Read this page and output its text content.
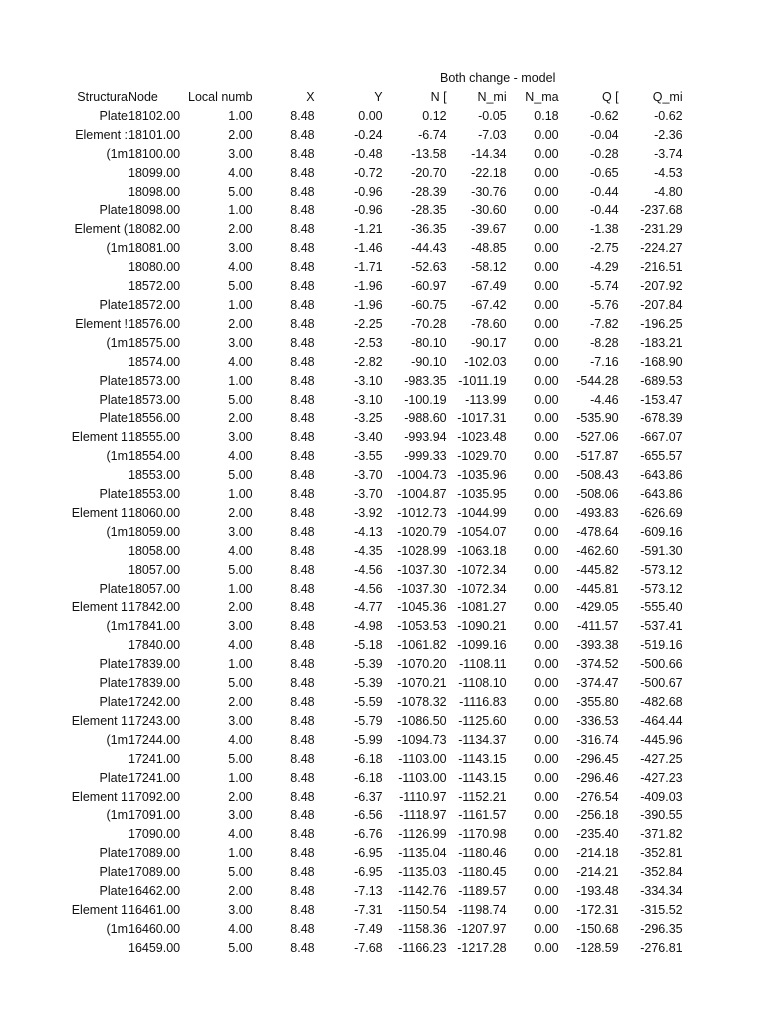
Both change - model
Structura	Node	Local numb	X	Y	N [	N_mi	N_ma	Q [	Q_mi
Plate	18102.00	1.00	8.48	0.00	0.12	-0.05	0.18	-0.62	-0.62
Element :	18101.00	2.00	8.48	-0.24	-6.74	-7.03	0.00	-0.04	-2.36
(1m	18100.00	3.00	8.48	-0.48	-13.58	-14.34	0.00	-0.28	-3.74
	18099.00	4.00	8.48	-0.72	-20.70	-22.18	0.00	-0.65	-4.53
	18098.00	5.00	8.48	-0.96	-28.39	-30.76	0.00	-0.44	-4.80
Plate	18098.00	1.00	8.48	-0.96	-28.35	-30.60	0.00	-0.44	-237.68
Element (	18082.00	2.00	8.48	-1.21	-36.35	-39.67	0.00	-1.38	-231.29
(1m	18081.00	3.00	8.48	-1.46	-44.43	-48.85	0.00	-2.75	-224.27
	18080.00	4.00	8.48	-1.71	-52.63	-58.12	0.00	-4.29	-216.51
	18572.00	5.00	8.48	-1.96	-60.97	-67.49	0.00	-5.74	-207.92
Plate	18572.00	1.00	8.48	-1.96	-60.75	-67.42	0.00	-5.76	-207.84
Element !	18576.00	2.00	8.48	-2.25	-70.28	-78.60	0.00	-7.82	-196.25
(1m	18575.00	3.00	8.48	-2.53	-80.10	-90.17	0.00	-8.28	-183.21
	18574.00	4.00	8.48	-2.82	-90.10	-102.03	0.00	-7.16	-168.90
Plate	18573.00	1.00	8.48	-3.10	-983.35	-1011.19	0.00	-544.28	-689.53
Plate	18573.00	5.00	8.48	-3.10	-100.19	-113.99	0.00	-4.46	-153.47
Plate	18556.00	2.00	8.48	-3.25	-988.60	-1017.31	0.00	-535.90	-678.39
Element 1	18555.00	3.00	8.48	-3.40	-993.94	-1023.48	0.00	-527.06	-667.07
(1m	18554.00	4.00	8.48	-3.55	-999.33	-1029.70	0.00	-517.87	-655.57
	18553.00	5.00	8.48	-3.70	-1004.73	-1035.96	0.00	-508.43	-643.86
Plate	18553.00	1.00	8.48	-3.70	-1004.87	-1035.95	0.00	-508.06	-643.86
Element 1	18060.00	2.00	8.48	-3.92	-1012.73	-1044.99	0.00	-493.83	-626.69
(1m	18059.00	3.00	8.48	-4.13	-1020.79	-1054.07	0.00	-478.64	-609.16
	18058.00	4.00	8.48	-4.35	-1028.99	-1063.18	0.00	-462.60	-591.30
	18057.00	5.00	8.48	-4.56	-1037.30	-1072.34	0.00	-445.82	-573.12
Plate	18057.00	1.00	8.48	-4.56	-1037.30	-1072.34	0.00	-445.81	-573.12
Element 1	17842.00	2.00	8.48	-4.77	-1045.36	-1081.27	0.00	-429.05	-555.40
(1m	17841.00	3.00	8.48	-4.98	-1053.53	-1090.21	0.00	-411.57	-537.41
	17840.00	4.00	8.48	-5.18	-1061.82	-1099.16	0.00	-393.38	-519.16
Plate	17839.00	1.00	8.48	-5.39	-1070.20	-1108.11	0.00	-374.52	-500.66
Plate	17839.00	5.00	8.48	-5.39	-1070.21	-1108.10	0.00	-374.47	-500.67
Plate	17242.00	2.00	8.48	-5.59	-1078.32	-1116.83	0.00	-355.80	-482.68
Element 1	17243.00	3.00	8.48	-5.79	-1086.50	-1125.60	0.00	-336.53	-464.44
(1m	17244.00	4.00	8.48	-5.99	-1094.73	-1134.37	0.00	-316.74	-445.96
	17241.00	5.00	8.48	-6.18	-1103.00	-1143.15	0.00	-296.45	-427.25
Plate	17241.00	1.00	8.48	-6.18	-1103.00	-1143.15	0.00	-296.46	-427.23
Element 1	17092.00	2.00	8.48	-6.37	-1110.97	-1152.21	0.00	-276.54	-409.03
(1m	17091.00	3.00	8.48	-6.56	-1118.97	-1161.57	0.00	-256.18	-390.55
	17090.00	4.00	8.48	-6.76	-1126.99	-1170.98	0.00	-235.40	-371.82
Plate	17089.00	1.00	8.48	-6.95	-1135.04	-1180.46	0.00	-214.18	-352.81
Plate	17089.00	5.00	8.48	-6.95	-1135.03	-1180.45	0.00	-214.21	-352.84
Plate	16462.00	2.00	8.48	-7.13	-1142.76	-1189.57	0.00	-193.48	-334.34
Element 1	16461.00	3.00	8.48	-7.31	-1150.54	-1198.74	0.00	-172.31	-315.52
(1m	16460.00	4.00	8.48	-7.49	-1158.36	-1207.97	0.00	-150.68	-296.35
	16459.00	5.00	8.48	-7.68	-1166.23	-1217.28	0.00	-128.59	-276.81
